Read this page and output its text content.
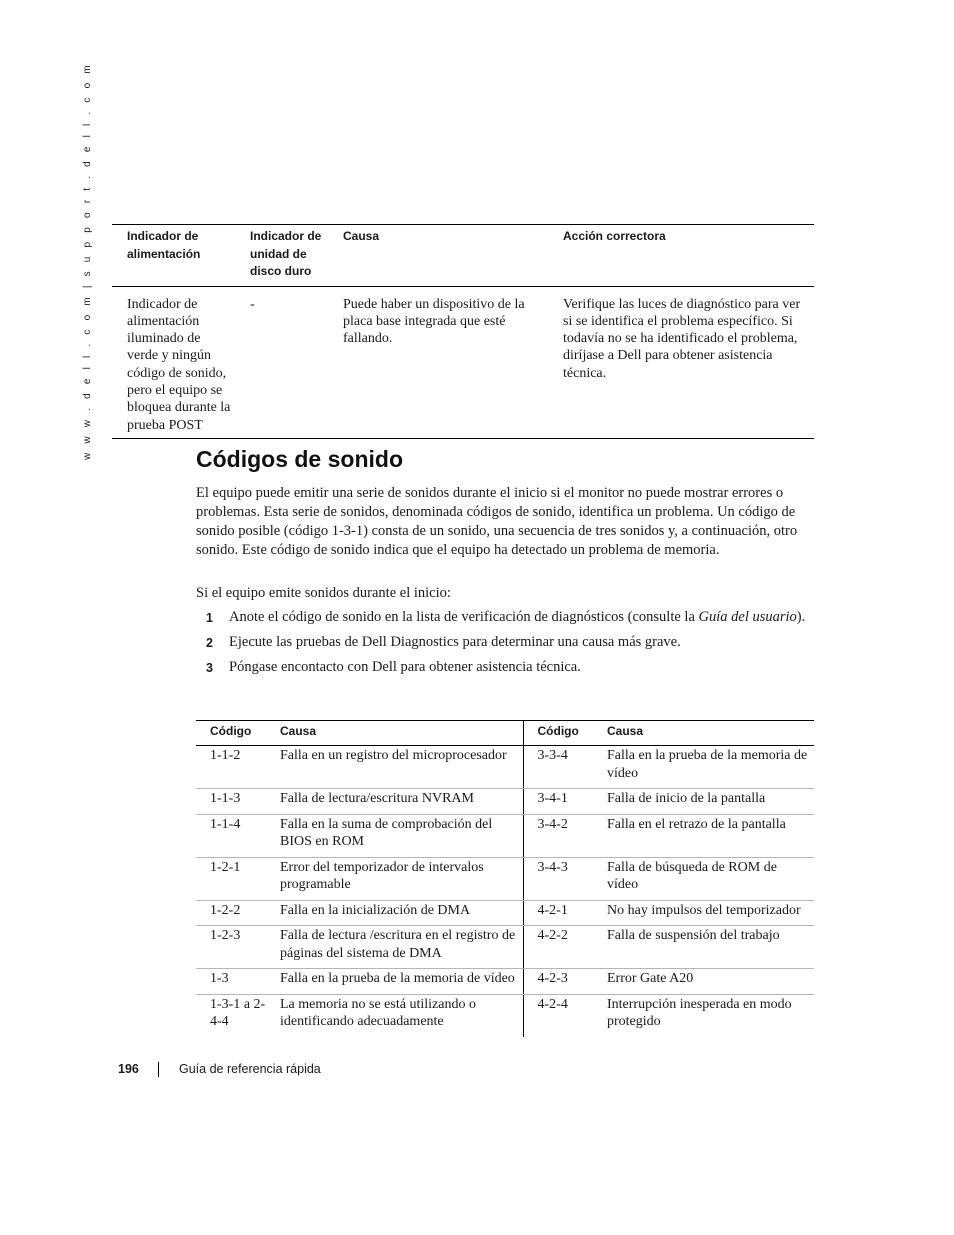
w w w . d e l l . c o m | s u p p o r t . d e l l . c o m	Indicador de alimentación	Indicador de unidad de disco duro	Causa	Acción correctora
Indicador de alimentación iluminado de verde y ningún código de sonido, pero el equipo se bloquea durante la prueba POST	-	Puede haber un dispositivo de la placa base integrada que esté fallando.	Verifique las luces de diagnóstico para ver si se identifica el problema específico. Si todavía no se ha identificado el problema, diríjase a Dell para obtener asistencia técnica.
Códigos de sonido

El equipo puede emitir una serie de sonidos durante el inicio si el monitor no puede mostrar errores o problemas. Esta serie de sonidos, denominada códigos de sonido, identifica un problema. Un código de sonido posible (código 1-3-1) consta de un sonido, una secuencia de tres sonidos y, a continuación, otro sonido. Este código de sonido indica que el equipo ha detectado un problema de memoria.

Si el equipo emite sonidos durante el inicio:

1 Anote el código de sonido en la lista de verificación de diagnósticos (consulte la Guía del usuario).
2 Ejecute las pruebas de Dell Diagnostics para determinar una causa más grave.
3 Póngase encontacto con Dell para obtener asistencia técnica.
Código	Causa	Código	Causa
1-1-2	Falla en un registro del microprocesador	3-3-4	Falla en la prueba de la memoria de vídeo
1-1-3	Falla de lectura/escritura NVRAM	3-4-1	Falla de inicio de la pantalla
1-1-4	Falla en la suma de comprobación del BIOS en ROM	3-4-2	Falla en el retrazo de la pantalla
1-2-1	Error del temporizador de intervalos programable	3-4-3	Falla de búsqueda de ROM de vídeo
1-2-2	Falla en la inicialización de DMA	4-2-1	No hay impulsos del temporizador
1-2-3	Falla de lectura /escritura en el registro de páginas del sistema de DMA	4-2-2	Falla de suspensión del trabajo
1-3	Falla en la prueba de la memoria de vídeo	4-2-3	Error Gate A20
1-3-1 a 2-4-4	La memoria no se está utilizando o identificando adecuadamente	4-2-4	Interrupción inesperada en modo protegido
196	Guía de referencia rápida
